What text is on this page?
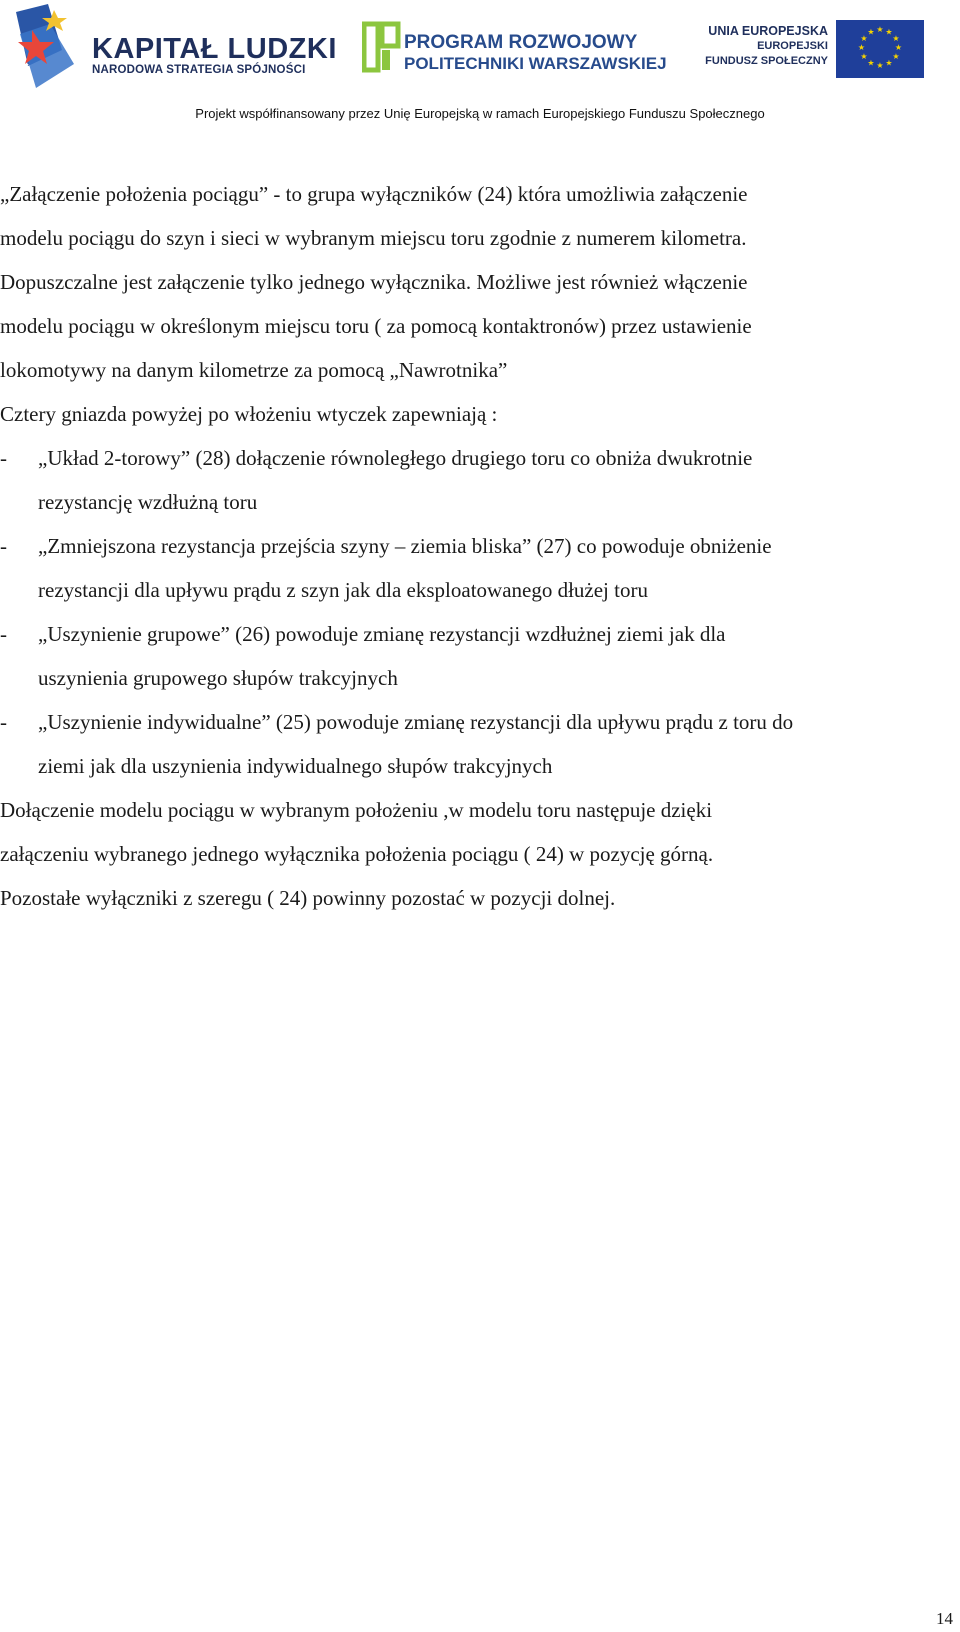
KAPITAŁ LUDZKI
NARODOWA STRATEGIA SPÓJNOŚCI
PROGRAM ROZWOJOWY
POLITECHNIKI WARSZAWSKIEJ
UNIA EUROPEJSKA
EUROPEJSKI
FUNDUSZ SPOŁECZNY
★ ★
★
★
★
★
★
★
★
★
★
★
Projekt współfinansowany przez Unię Europejską w ramach Europejskiego Funduszu Społecznego
„Załączenie położenia pociągu” - to grupa wyłączników (24) która umożliwia załączenie
modelu pociągu do szyn i sieci w wybranym miejscu toru zgodnie z numerem kilometra.
Dopuszczalne jest załączenie tylko jednego wyłącznika. Możliwe jest również włączenie
modelu pociągu w określonym miejscu toru ( za pomocą kontaktronów) przez ustawienie
lokomotywy na danym kilometrze za pomocą „Nawrotnika”
Cztery gniazda powyżej po włożeniu wtyczek zapewniają :
- „Układ 2-torowy” (28) dołączenie równoległego drugiego toru co obniża dwukrotnie
rezystancję wzdłużną toru
- „Zmniejszona rezystancja przejścia szyny – ziemia bliska” (27) co powoduje obniżenie
rezystancji dla upływu prądu z szyn jak dla eksploatowanego dłużej toru
- „Uszynienie grupowe” (26) powoduje zmianę rezystancji wzdłużnej ziemi jak dla
uszynienia grupowego słupów trakcyjnych
- „Uszynienie indywidualne” (25) powoduje zmianę rezystancji dla upływu prądu z toru do
ziemi jak dla uszynienia indywidualnego słupów trakcyjnych
Dołączenie modelu pociągu w wybranym położeniu ,w modelu toru następuje dzięki
załączeniu wybranego jednego wyłącznika położenia pociągu ( 24) w pozycję górną.
Pozostałe wyłączniki z szeregu ( 24) powinny pozostać w pozycji dolnej.
14
